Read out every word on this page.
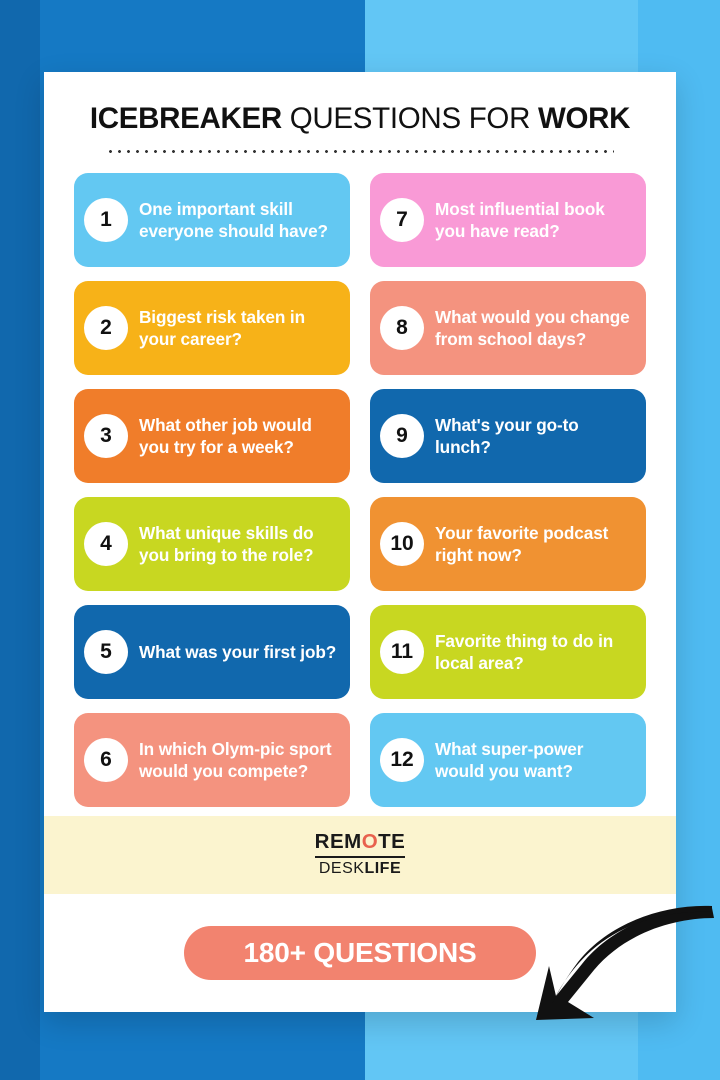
ICEBREAKER QUESTIONS FOR WORK
1	One important skill everyone should have?	7	Most influential book you have read?
2	Biggest risk taken in your career?	8	What would you change from school days?
3	What other job would you try for a week?	9	What's your go-to lunch?
4	What unique skills do you bring to the role?	10	Your favorite podcast right now?
5	What was your first job?	11	Favorite thing to do in local area?
6	In which Olym-pic sport would you compete?	12	What super-power would you want?
REMOTE
DESKLIFE
180+ QUESTIONS
